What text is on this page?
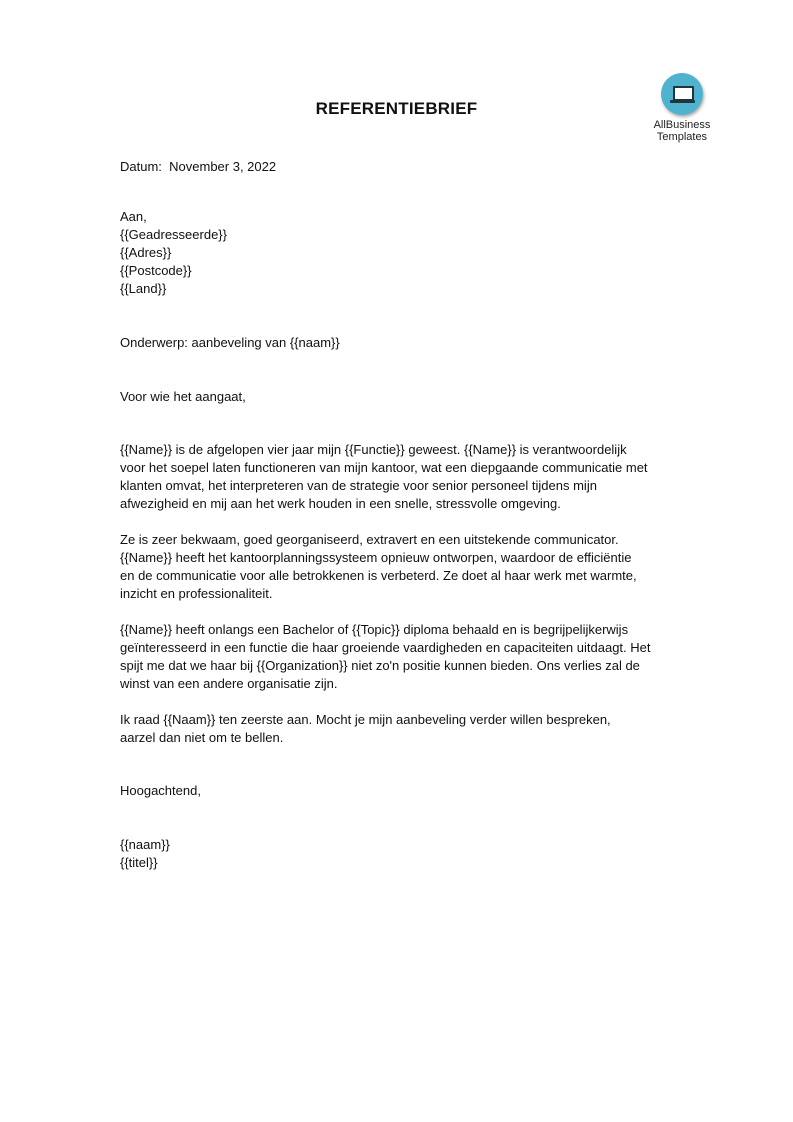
REFERENTIEBRIEF
AllBusiness
Templates
Datum: November 3, 2022
Aan,
{{Geadresseerde}}
{{Adres}}
{{Postcode}}
{{Land}}
Onderwerp: aanbeveling van {{naam}}
Voor wie het aangaat,
{{Name}} is de afgelopen vier jaar mijn {{Functie}} geweest. {{Name}} is verantwoordelijk
voor het soepel laten functioneren van mijn kantoor, wat een diepgaande communicatie met
klanten omvat, het interpreteren van de strategie voor senior personeel tijdens mijn
afwezigheid en mij aan het werk houden in een snelle, stressvolle omgeving.
Ze is zeer bekwaam, goed georganiseerd, extravert en een uitstekende communicator.
{{Name}} heeft het kantoorplanningssysteem opnieuw ontworpen, waardoor de efficiëntie
en de communicatie voor alle betrokkenen is verbeterd. Ze doet al haar werk met warmte,
inzicht en professionaliteit.
{{Name}} heeft onlangs een Bachelor of {{Topic}} diploma behaald en is begrijpelijkerwijs
geïnteresseerd in een functie die haar groeiende vaardigheden en capaciteiten uitdaagt. Het
spijt me dat we haar bij {{Organization}} niet zo'n positie kunnen bieden. Ons verlies zal de
winst van een andere organisatie zijn.
Ik raad {{Naam}} ten zeerste aan. Mocht je mijn aanbeveling verder willen bespreken,
aarzel dan niet om te bellen.
Hoogachtend,
{{naam}}
{{titel}}
